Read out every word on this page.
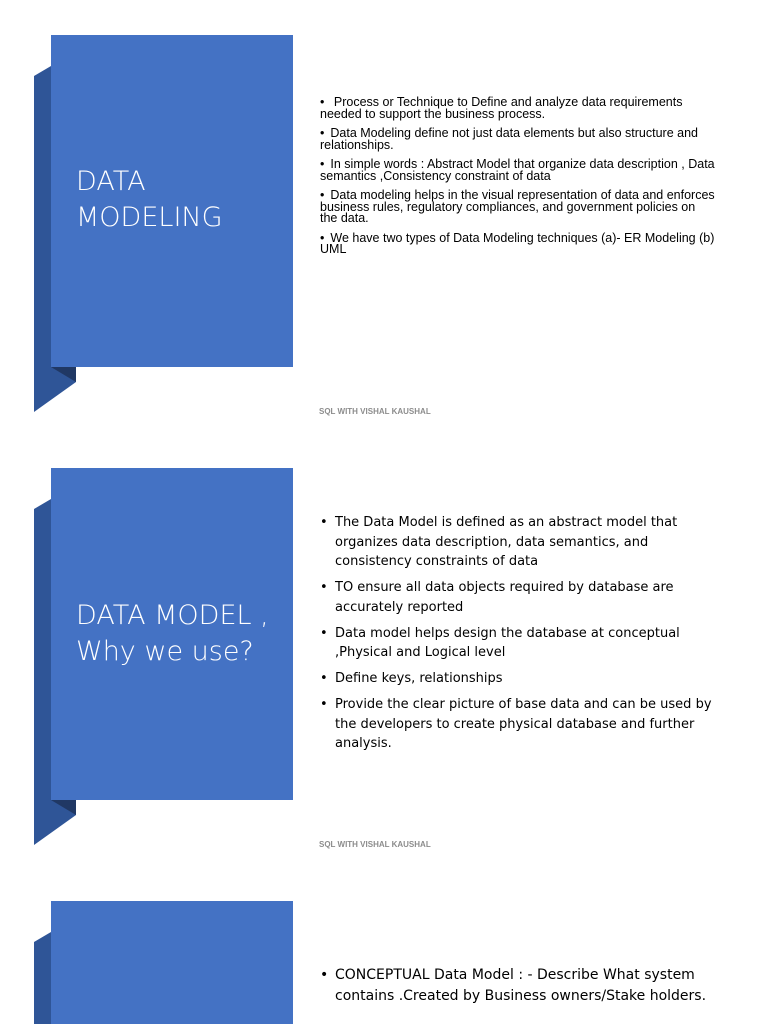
DATA
MODELING
• Process or Technique to Define and analyze data requirements needed to support the business process.
• Data Modeling define not just data elements but also structure and relationships.
• In simple words : Abstract Model that organize data description , Data semantics ,Consistency constraint of data
• Data modeling helps in the visual representation of data and enforces business rules, regulatory compliances, and government policies on the data.
• We have two types of Data Modeling techniques (a)- ER Modeling (b) UML
SQL WITH VISHAL KAUSHAL
DATA MODEL ,
Why we use?
• The Data Model is defined as an abstract model that organizes data description, data semantics, and consistency constraints of data
• TO ensure all data objects required by database are accurately reported
• Data model helps design the database at conceptual ,Physical and Logical level
• Define keys, relationships
• Provide the clear picture of base data and can be used by the developers to create physical database and further analysis.
SQL WITH VISHAL KAUSHAL
• CONCEPTUAL Data Model : - Describe What system contains .Created by Business owners/Stake holders.
